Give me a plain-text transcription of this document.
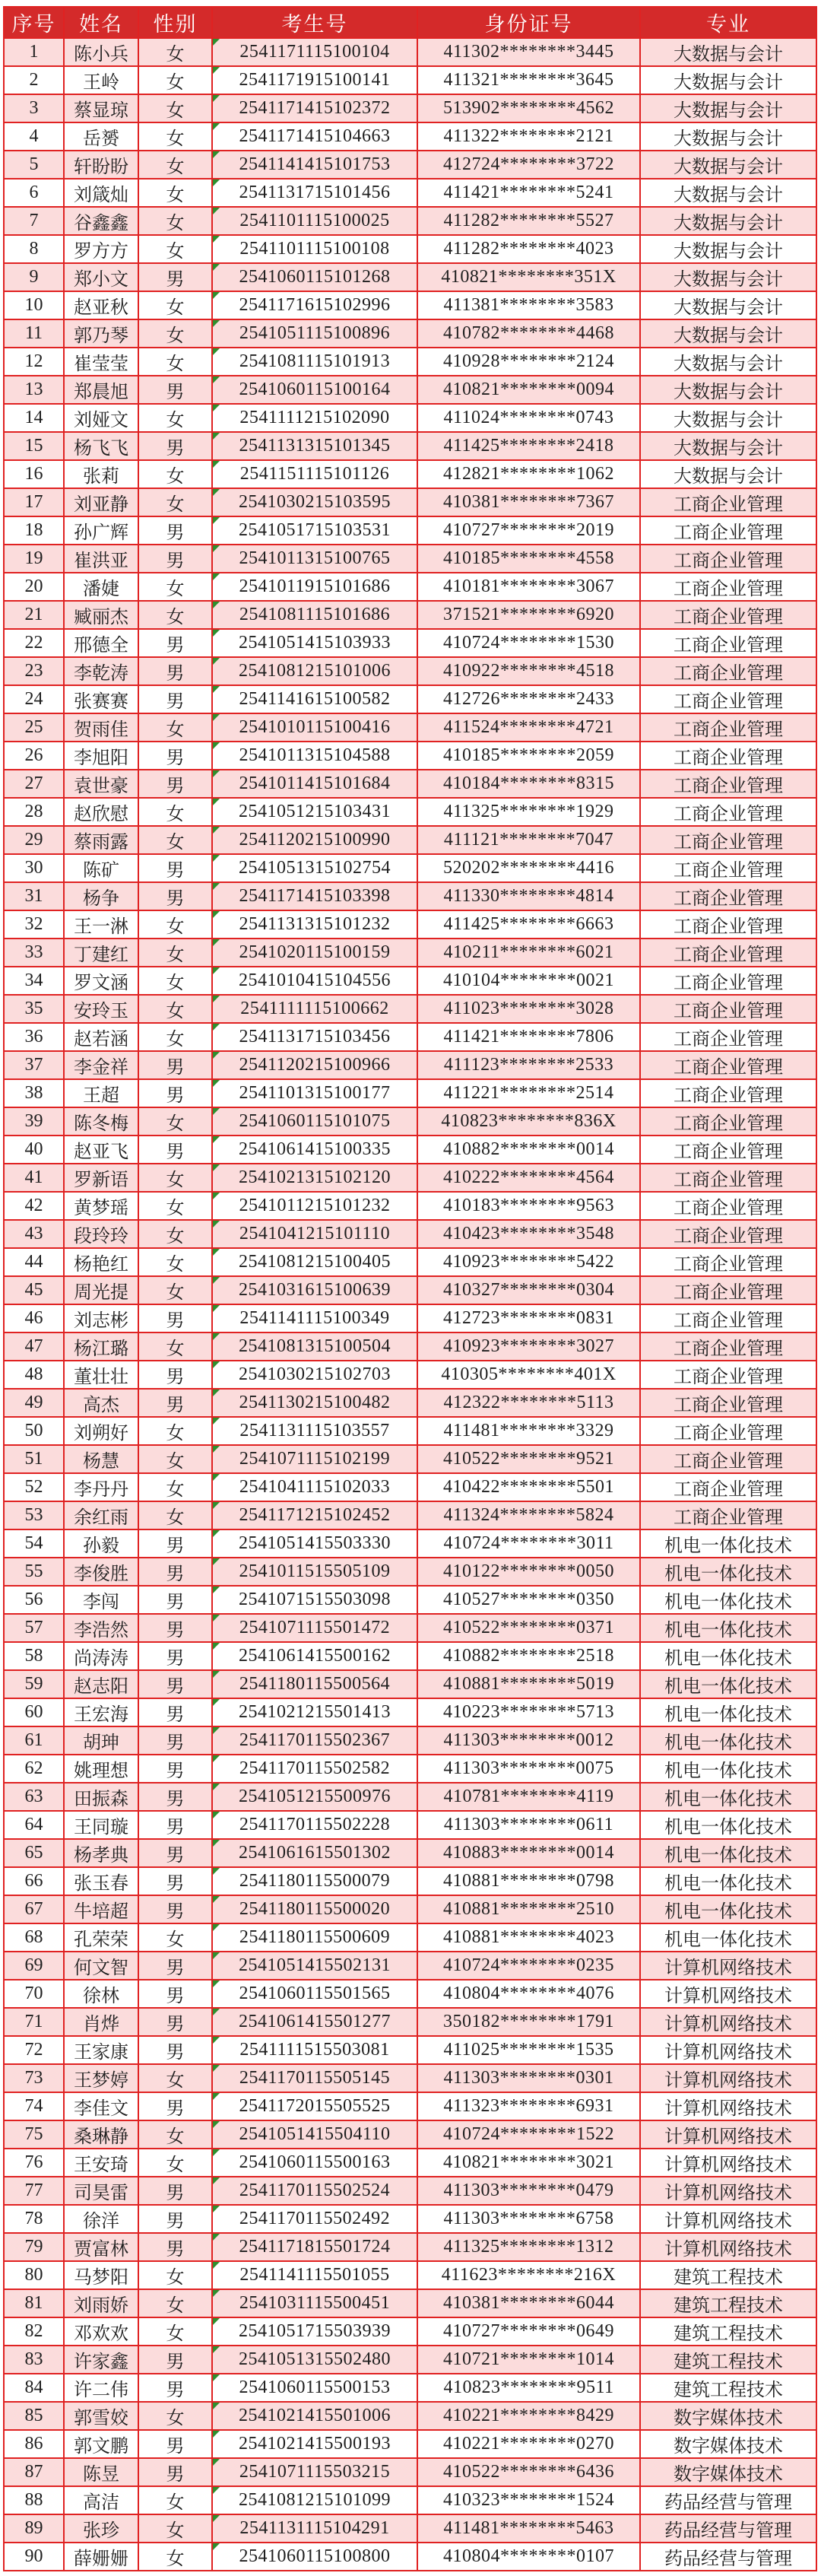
序号	姓名	性别	考生号	身份证号	专业
1	陈小兵	女	2541171115100104	411302********3445	大数据与会计
2	王岭	女	2541171915100141	411321********3645	大数据与会计
3	蔡显琼	女	2541171415102372	513902********4562	大数据与会计
4	岳赟	女	2541171415104663	411322********2121	大数据与会计
5	轩盼盼	女	2541141415101753	412724********3722	大数据与会计
6	刘箴灿	女	2541131715101456	411421********5241	大数据与会计
7	谷鑫鑫	女	2541101115100025	411282********5527	大数据与会计
8	罗方方	女	2541101115100108	411282********4023	大数据与会计
9	郑小文	男	2541060115101268	410821********351X	大数据与会计
10	赵亚秋	女	2541171615102996	411381********3583	大数据与会计
11	郭乃琴	女	2541051115100896	410782********4468	大数据与会计
12	崔莹莹	女	2541081115101913	410928********2124	大数据与会计
13	郑晨旭	男	2541060115100164	410821********0094	大数据与会计
14	刘娅文	女	2541111215102090	411024********0743	大数据与会计
15	杨飞飞	男	2541131315101345	411425********2418	大数据与会计
16	张莉	女	2541151115101126	412821********1062	大数据与会计
17	刘亚静	女	2541030215103595	410381********7367	工商企业管理
18	孙广辉	男	2541051715103531	410727********2019	工商企业管理
19	崔洪亚	男	2541011315100765	410185********4558	工商企业管理
20	潘婕	女	2541011915101686	410181********3067	工商企业管理
21	臧丽杰	女	2541081115101686	371521********6920	工商企业管理
22	邢德全	男	2541051415103933	410724********1530	工商企业管理
23	李乾涛	男	2541081215101006	410922********4518	工商企业管理
24	张赛赛	男	2541141615100582	412726********2433	工商企业管理
25	贺雨佳	女	2541010115100416	411524********4721	工商企业管理
26	李旭阳	男	2541011315104588	410185********2059	工商企业管理
27	袁世豪	男	2541011415101684	410184********8315	工商企业管理
28	赵欣慰	女	2541051215103431	411325********1929	工商企业管理
29	蔡雨露	女	2541120215100990	411121********7047	工商企业管理
30	陈矿	男	2541051315102754	520202********4416	工商企业管理
31	杨争	男	2541171415103398	411330********4814	工商企业管理
32	王一淋	女	2541131315101232	411425********6663	工商企业管理
33	丁建红	女	2541020115100159	410211********6021	工商企业管理
34	罗文涵	女	2541010415104556	410104********0021	工商企业管理
35	安玲玉	女	2541111115100662	411023********3028	工商企业管理
36	赵若涵	女	2541131715103456	411421********7806	工商企业管理
37	李金祥	男	2541120215100966	411123********2533	工商企业管理
38	王超	男	2541101315100177	411221********2514	工商企业管理
39	陈冬梅	女	2541060115101075	410823********836X	工商企业管理
40	赵亚飞	男	2541061415100335	410882********0014	工商企业管理
41	罗新语	女	2541021315102120	410222********4564	工商企业管理
42	黄梦瑶	女	2541011215101232	410183********9563	工商企业管理
43	段玲玲	女	2541041215101110	410423********3548	工商企业管理
44	杨艳红	女	2541081215100405	410923********5422	工商企业管理
45	周光提	女	2541031615100639	410327********0304	工商企业管理
46	刘志彬	男	2541141115100349	412723********0831	工商企业管理
47	杨江璐	女	2541081315100504	410923********3027	工商企业管理
48	董壮壮	男	2541030215102703	410305********401X	工商企业管理
49	高杰	男	2541130215100482	412322********5113	工商企业管理
50	刘朔好	女	2541131115103557	411481********3329	工商企业管理
51	杨慧	女	2541071115102199	410522********9521	工商企业管理
52	李丹丹	女	2541041115102033	410422********5501	工商企业管理
53	余红雨	女	2541171215102452	411324********5824	工商企业管理
54	孙毅	男	2541051415503330	410724********3011	机电一体化技术
55	李俊胜	男	2541011515505109	410122********0050	机电一体化技术
56	李闯	男	2541071515503098	410527********0350	机电一体化技术
57	李浩然	男	2541071115501472	410522********0371	机电一体化技术
58	尚涛涛	男	2541061415500162	410882********2518	机电一体化技术
59	赵志阳	男	2541180115500564	410881********5019	机电一体化技术
60	王宏海	男	2541021215501413	410223********5713	机电一体化技术
61	胡珅	男	2541170115502367	411303********0012	机电一体化技术
62	姚理想	男	2541170115502582	411303********0075	机电一体化技术
63	田振森	男	2541051215500976	410781********4119	机电一体化技术
64	王同璇	男	2541170115502228	411303********0611	机电一体化技术
65	杨孝典	男	2541061615501302	410883********0014	机电一体化技术
66	张玉春	男	2541180115500079	410881********0798	机电一体化技术
67	牛培超	男	2541180115500020	410881********2510	机电一体化技术
68	孔荣荣	女	2541180115500609	410881********4023	机电一体化技术
69	何文智	男	2541051415502131	410724********0235	计算机网络技术
70	徐林	男	2541060115501565	410804********4076	计算机网络技术
71	肖烨	男	2541061415501277	350182********1791	计算机网络技术
72	王家康	男	2541111515503081	411025********1535	计算机网络技术
73	王梦婷	女	2541170115505145	411303********0301	计算机网络技术
74	李佳文	男	2541172015505525	411323********6931	计算机网络技术
75	桑琳静	女	2541051415504110	410724********1522	计算机网络技术
76	王安琦	女	2541060115500163	410821********3021	计算机网络技术
77	司昊雷	男	2541170115502524	411303********0479	计算机网络技术
78	徐洋	男	2541170115502492	411303********6758	计算机网络技术
79	贾富林	男	2541171815501724	411325********1312	计算机网络技术
80	马梦阳	女	2541141115501055	411623********216X	建筑工程技术
81	刘雨娇	女	2541031115500451	410381********6044	建筑工程技术
82	邓欢欢	女	2541051715503939	410727********0649	建筑工程技术
83	许家鑫	男	2541051315502480	410721********1014	建筑工程技术
84	许二伟	男	2541060115500153	410823********9511	建筑工程技术
85	郭雪姣	女	2541021415501006	410221********8429	数字媒体技术
86	郭文鹏	男	2541021415500193	410221********0270	数字媒体技术
87	陈昱	男	2541071115503215	410522********6436	数字媒体技术
88	高洁	女	2541081215101099	410323********1524	药品经营与管理
89	张珍	女	2541131115104291	411481********5463	药品经营与管理
90	薛姗姗	女	2541060115100800	410804********0107	药品经营与管理
